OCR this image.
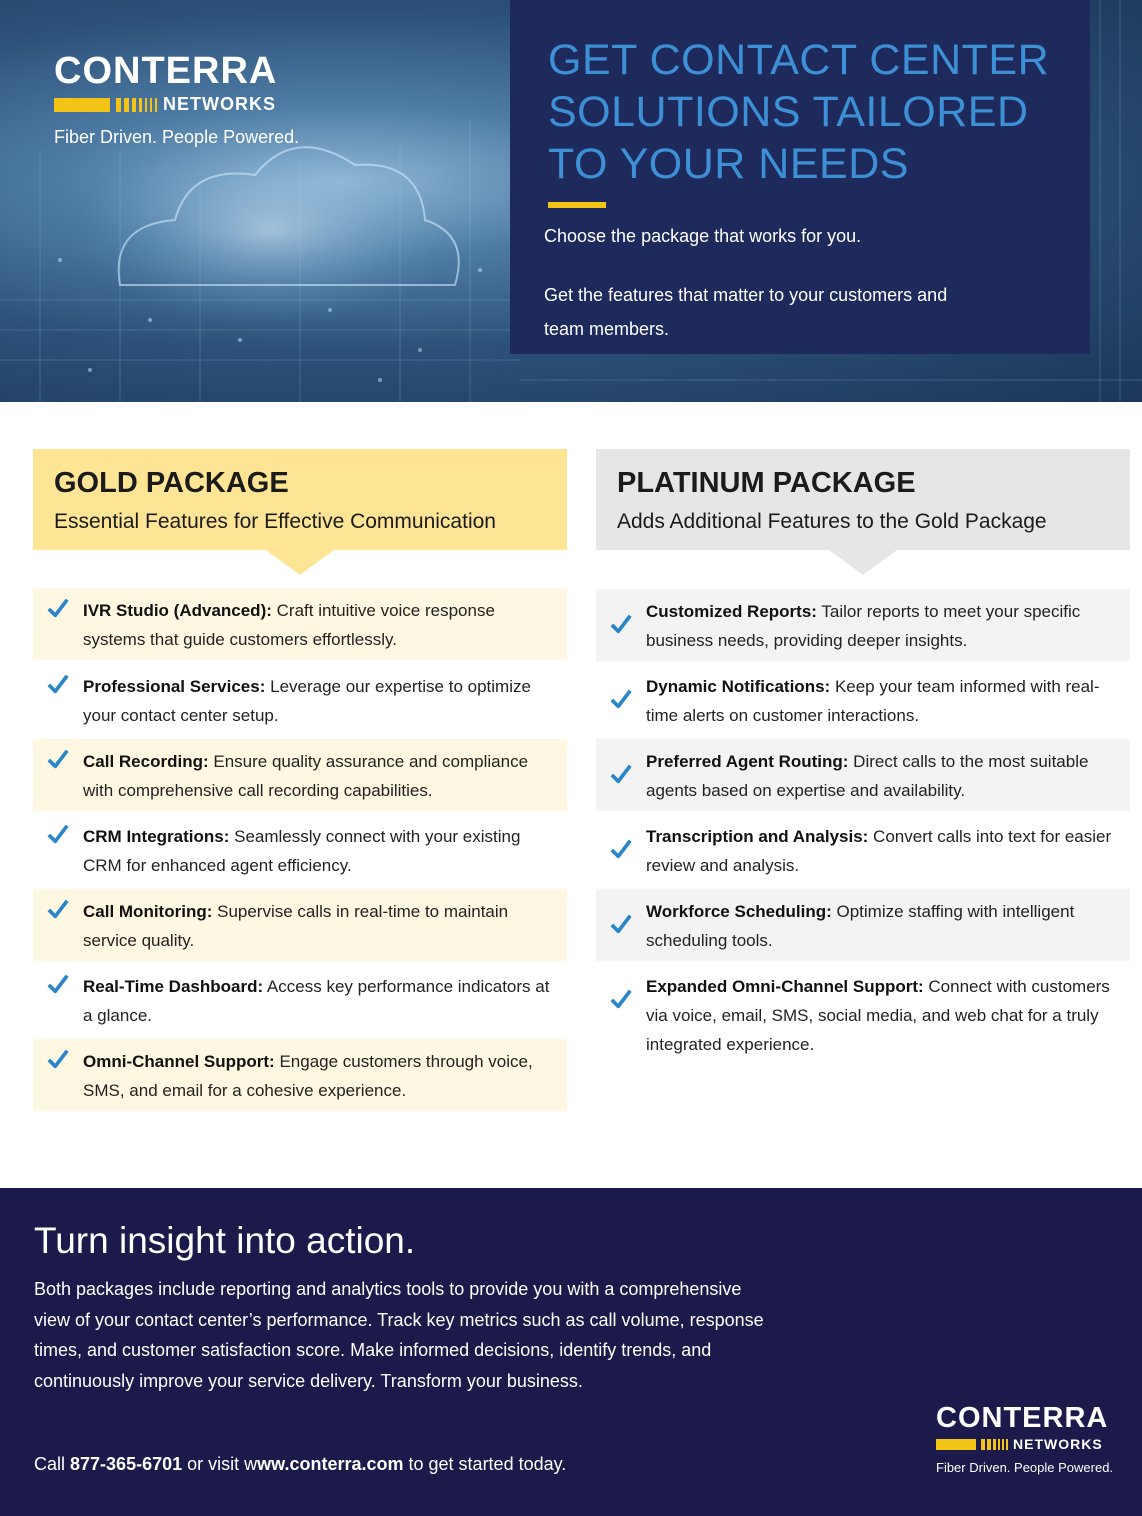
CONTERRA
NETWORKS
Fiber Driven. People Powered.
GET CONTACT CENTER SOLUTIONS TAILORED TO YOUR NEEDS
Choose the package that works for you.
Get the features that matter to your customers and team members.
GOLD PACKAGE
Essential Features for Effective Communication
PLATINUM PACKAGE
Adds Additional Features to the Gold Package
IVR Studio (Advanced): Craft intuitive voice response systems that guide customers effortlessly.
Professional Services: Leverage our expertise to optimize your contact center setup.
Call Recording: Ensure quality assurance and compliance with comprehensive call recording capabilities.
CRM Integrations: Seamlessly connect with your existing CRM for enhanced agent efficiency.
Call Monitoring: Supervise calls in real-time to maintain service quality.
Real-Time Dashboard: Access key performance indicators at a glance.
Omni-Channel Support: Engage customers through voice, SMS, and email for a cohesive experience.
Customized Reports: Tailor reports to meet your specific business needs, providing deeper insights.
Dynamic Notifications: Keep your team informed with real-time alerts on customer interactions.
Preferred Agent Routing: Direct calls to the most suitable agents based on expertise and availability.
Transcription and Analysis: Convert calls into text for easier review and analysis.
Workforce Scheduling: Optimize staffing with intelligent scheduling tools.
Expanded Omni-Channel Support: Connect with customers via voice, email, SMS, social media, and web chat for a truly integrated experience.
Turn insight into action.
Both packages include reporting and analytics tools to provide you with a comprehensive view of your contact center’s performance. Track key metrics such as call volume, response times, and customer satisfaction score. Make informed decisions, identify trends, and continuously improve your service delivery. Transform your business.
Call 877-365-6701 or visit www.conterra.com to get started today.
CONTERRA
NETWORKS
Fiber Driven. People Powered.
